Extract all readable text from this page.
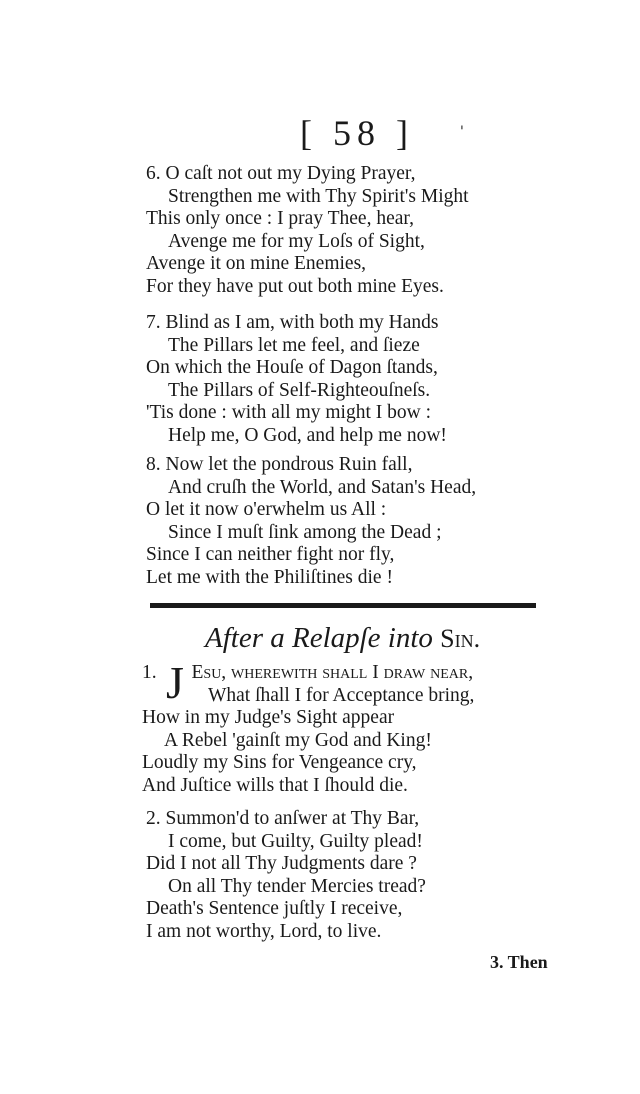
[ 58 ]	'
6. O caſt not out my Dying Prayer,
Strengthen me with Thy Spirit's Might
This only once : I pray Thee, hear,
Avenge me for my Loſs of Sight,
Avenge it on mine Enemies,
For they have put out both mine Eyes.
7. Blind as I am, with both my Hands
The Pillars let me feel, and ſieze
On which the Houſe of Dagon ſtands,
The Pillars of Self-Righteouſneſs.
'Tis done : with all my might I bow :
Help me, O God, and help me now!
8. Now let the pondrous Ruin fall,
And cruſh the World, and Satan's Head,
O let it now o'erwhelm us All :
Since I muſt ſink among the Dead ;
Since I can neither fight nor fly,
Let me with the Philiſtines die !
After a Relapſe into Sin.
1. Esu, wherewith ſhall I draw near,
What ſhall I for Acceptance bring,
How in my Judge's Sight appear
A Rebel 'gainſt my God and King!
Loudly my Sins for Vengeance cry,
And Juſtice wills that I ſhould die.
J
2. Summon'd to anſwer at Thy Bar,
I come, but Guilty, Guilty plead!
Did I not all Thy Judgments dare ?
On all Thy tender Mercies tread?
Death's Sentence juſtly I receive,
I am not worthy, Lord, to live.
3. Then
